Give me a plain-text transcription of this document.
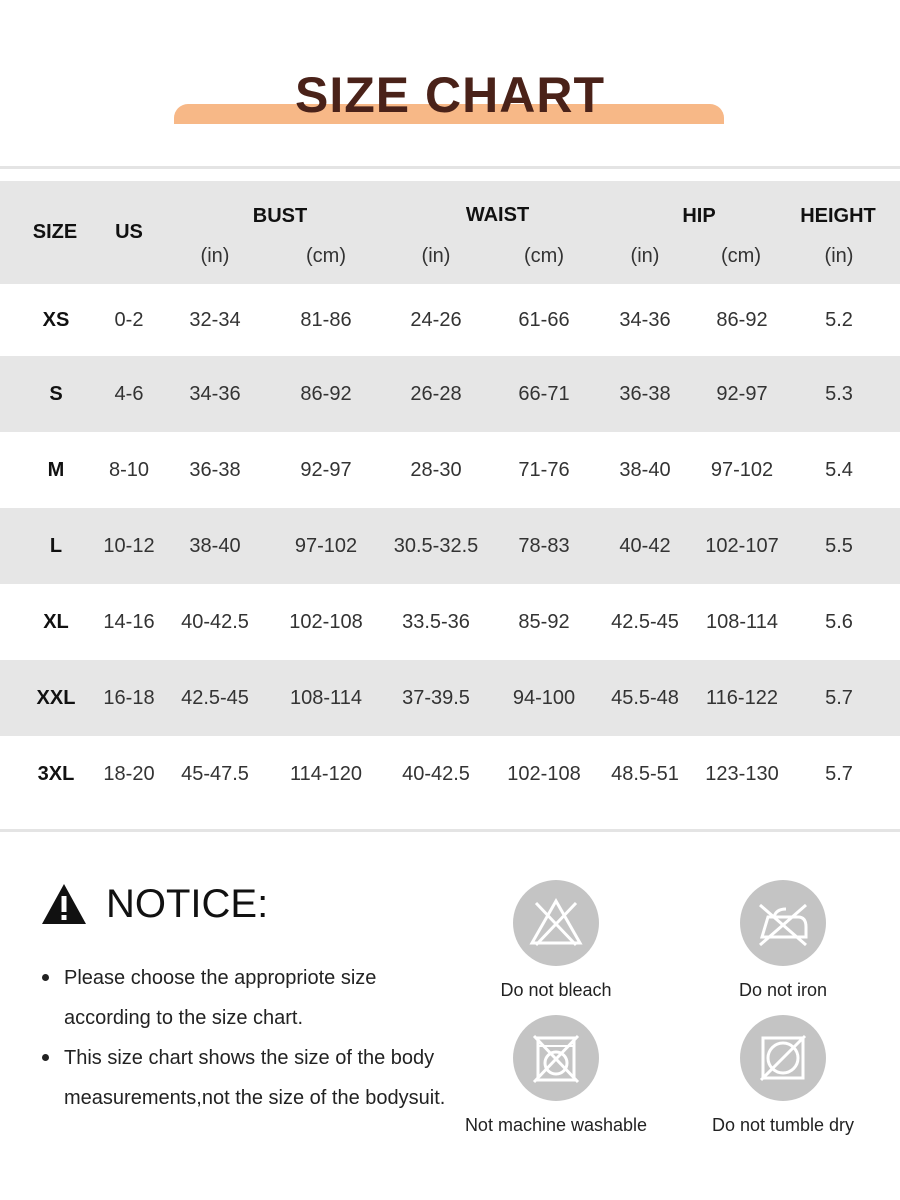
SIZE CHART
SIZE	US
BUST	WAIST	HIP	HEIGHT
(in)	(cm)	(in)	(cm)	(in)	(cm)	(in)
XS	0-2	32-34	81-86	24-26	61-66	34-36	86-92	5.2
S	4-6	34-36	86-92	26-28	66-71	36-38	92-97	5.3
M	8-10	36-38	92-97	28-30	71-76	38-40	97-102	5.4
L	10-12	38-40	97-102	30.5-32.5	78-83	40-42	102-107	5.5
XL	14-16	40-42.5	102-108	33.5-36	85-92	42.5-45	108-114	5.6
XXL	16-18	42.5-45	108-114	37-39.5	94-100	45.5-48	116-122	5.7
3XL	18-20	45-47.5	114-120	40-42.5	102-108	48.5-51	123-130	5.7
NOTICE:
Please choose the appropriote size according to the size chart.
This size chart shows the size of the body measurements,not the size of the bodysuit.
Do not bleach	Do not iron
Not machine washable	Do not tumble dry
